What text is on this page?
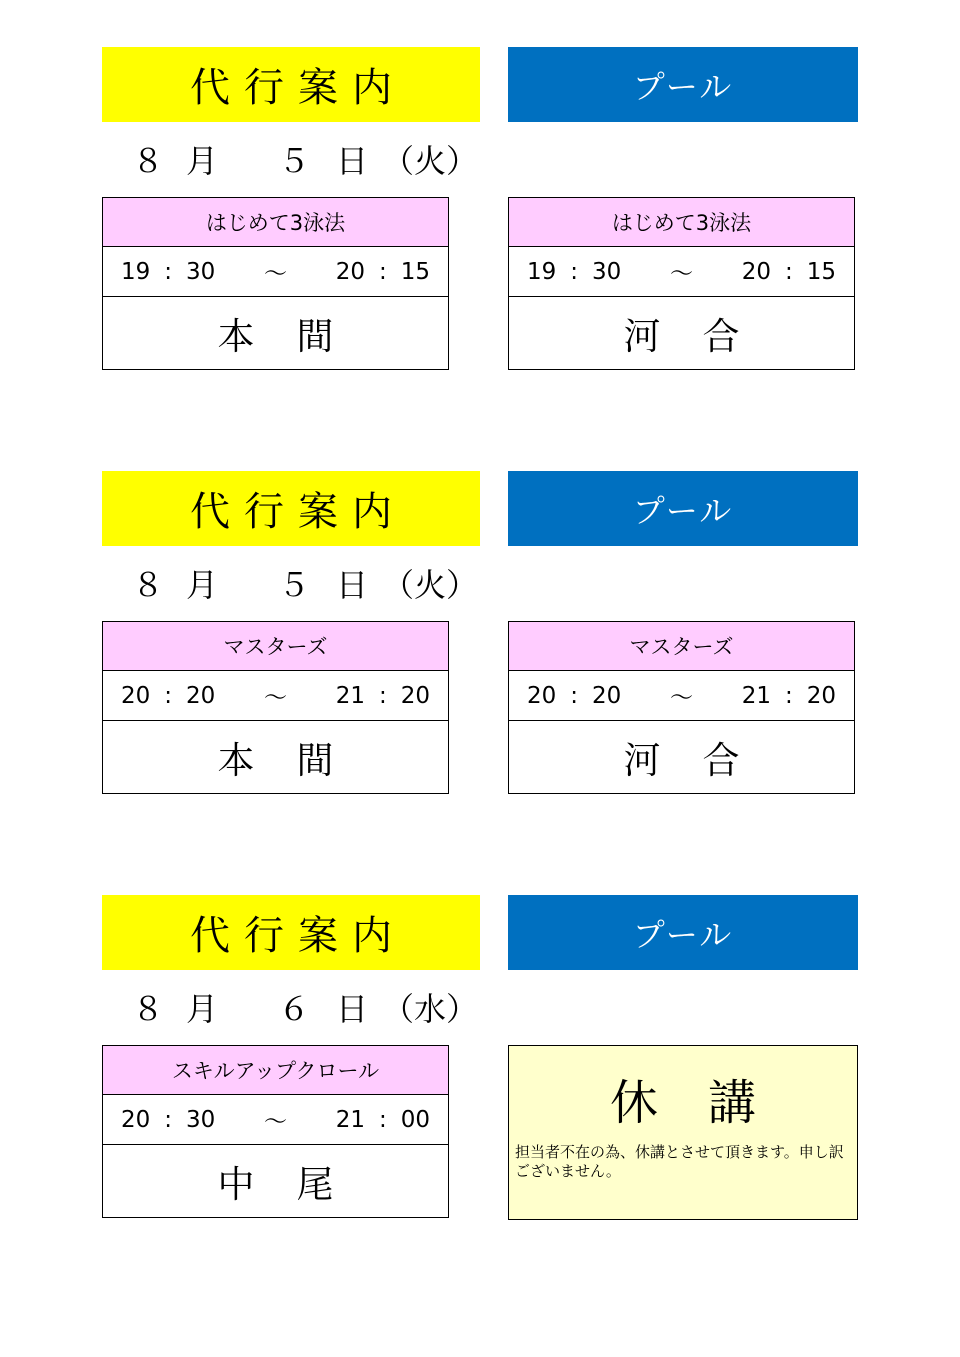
代行案内	プール
８ 月	５ 日 （火）
はじめて3泳法
19 : 30 ～ 20 : 15
本間
はじめて3泳法
19 : 30 ～ 20 : 15
河合
代行案内	プール
８ 月	５ 日 （火）
マスターズ
20 : 20 ～ 21 : 20
本間
マスターズ
20 : 20 ～ 21 : 20
河合
代行案内	プール
８ 月	６ 日 （水）
スキルアップクロール
20 : 30 ～ 21 : 00
中尾
休講
担当者不在の為、休講とさせて頂きます。申し訳ございません。
